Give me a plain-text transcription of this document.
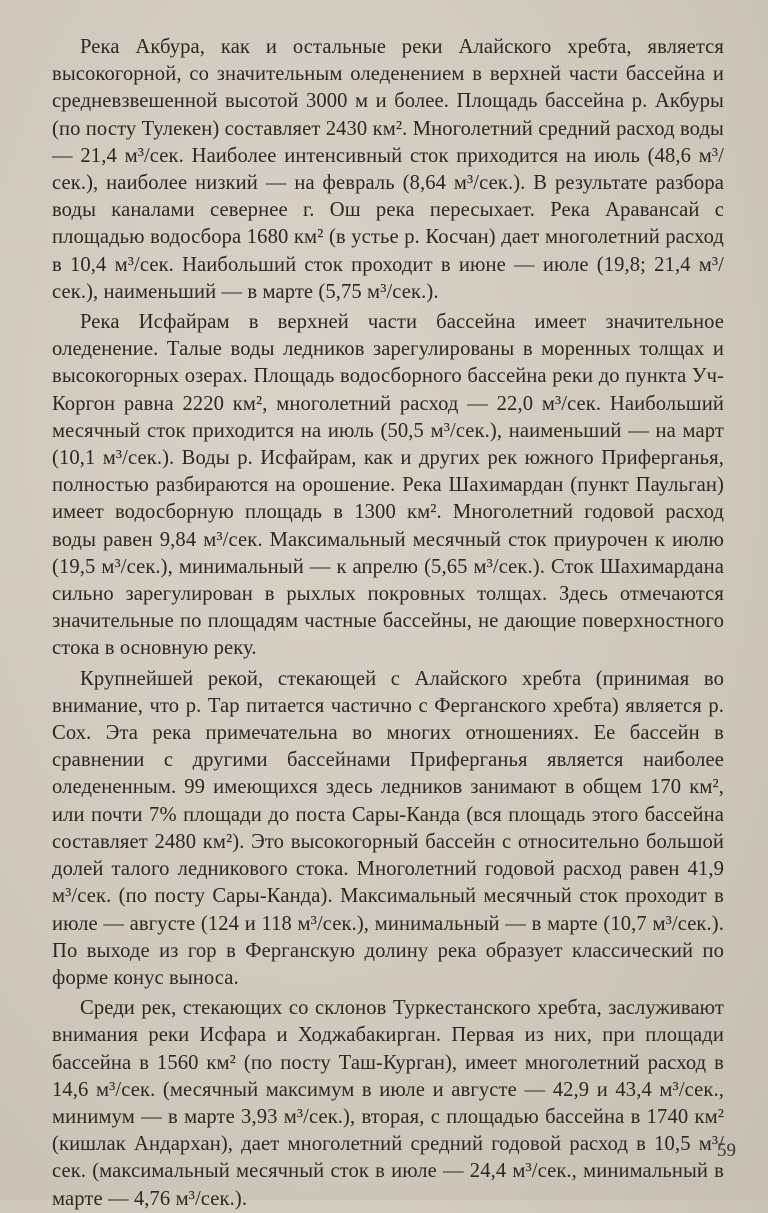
Река Акбура, как и остальные реки Алайского хребта, является высокогорной, со значительным оледенением в верхней части бассейна и средневзвешенной высотой 3000 м и более. Площадь бассейна р. Акбуры (по посту Тулекен) составляет 2430 км². Многолетний средний расход воды — 21,4 м³/сек. Наиболее интенсивный сток приходится на июль (48,6 м³/сек.), наиболее низкий — на февраль (8,64 м³/сек.). В результате разбора воды каналами севернее г. Ош река пересыхает. Река Аравансай с площадью водосбора 1680 км² (в устье р. Косчан) дает многолетний расход в 10,4 м³/сек. Наибольший сток проходит в июне — июле (19,8; 21,4 м³/сек.), наименьший — в марте (5,75 м³/сек.).

Река Исфайрам в верхней части бассейна имеет значительное оледенение. Талые воды ледников зарегулированы в моренных толщах и высокогорных озерах. Площадь водосборного бассейна реки до пункта Уч-Коргон равна 2220 км², многолетний расход — 22,0 м³/сек. Наибольший месячный сток приходится на июль (50,5 м³/сек.), наименьший — на март (10,1 м³/сек.). Воды р. Исфайрам, как и других рек южного Приферганья, полностью разбираются на орошение. Река Шахимардан (пункт Паульган) имеет водосборную площадь в 1300 км². Многолетний годовой расход воды равен 9,84 м³/сек. Максимальный месячный сток приурочен к июлю (19,5 м³/сек.), минимальный — к апрелю (5,65 м³/сек.). Сток Шахимардана сильно зарегулирован в рыхлых покровных толщах. Здесь отмечаются значительные по площадям частные бассейны, не дающие поверхностного стока в основную реку.

Крупнейшей рекой, стекающей с Алайского хребта (принимая во внимание, что р. Тар питается частично с Ферганского хребта) является р. Сох. Эта река примечательна во многих отношениях. Ее бассейн в сравнении с другими бассейнами Приферганья является наиболее оледененным. 99 имеющихся здесь ледников занимают в общем 170 км², или почти 7% площади до поста Сары-Канда (вся площадь этого бассейна составляет 2480 км²). Это высокогорный бассейн с относительно большой долей талого ледникового стока. Многолетний годовой расход равен 41,9 м³/сек. (по посту Сары-Канда). Максимальный месячный сток проходит в июле — августе (124 и 118 м³/сек.), минимальный — в марте (10,7 м³/сек.). По выходе из гор в Ферганскую долину река образует классический по форме конус выноса.

Среди рек, стекающих со склонов Туркестанского хребта, заслуживают внимания реки Исфара и Ходжабакирган. Первая из них, при площади бассейна в 1560 км² (по посту Таш-Курган), имеет многолетний расход в 14,6 м³/сек. (месячный максимум в июле и августе — 42,9 и 43,4 м³/сек., минимум — в марте 3,93 м³/сек.), вторая, с площадью бассейна в 1740 км² (кишлак Андархан), дает многолетний средний годовой расход в 10,5 м³/сек. (максимальный месячный сток в июле — 24,4 м³/сек., минимальный в марте — 4,76 м³/сек.).

59
